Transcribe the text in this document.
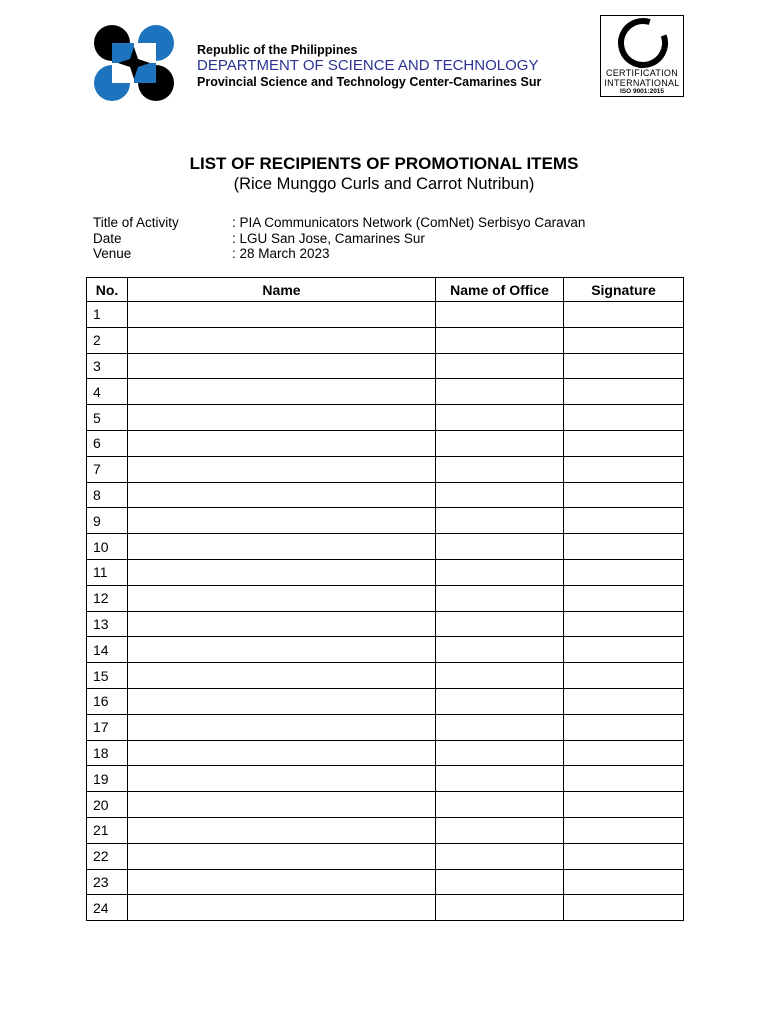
Republic of the Philippines
DEPARTMENT OF SCIENCE AND TECHNOLOGY
Provincial Science and Technology Center-Camarines Sur
CERTIFICATION
INTERNATIONAL
ISO 9001:2015
LIST OF RECIPIENTS OF PROMOTIONAL ITEMS
(Rice Munggo Curls and Carrot Nutribun)
Title of Activity	: PIA Communicators Network (ComNet) Serbisyo Caravan
Date	: LGU San Jose, Camarines Sur
Venue	: 28 March 2023
No.	Name	Name of Office	Signature
1			
2			
3			
4			
5			
6			
7			
8			
9			
10			
11			
12			
13			
14			
15			
16			
17			
18			
19			
20			
21			
22			
23			
24			
